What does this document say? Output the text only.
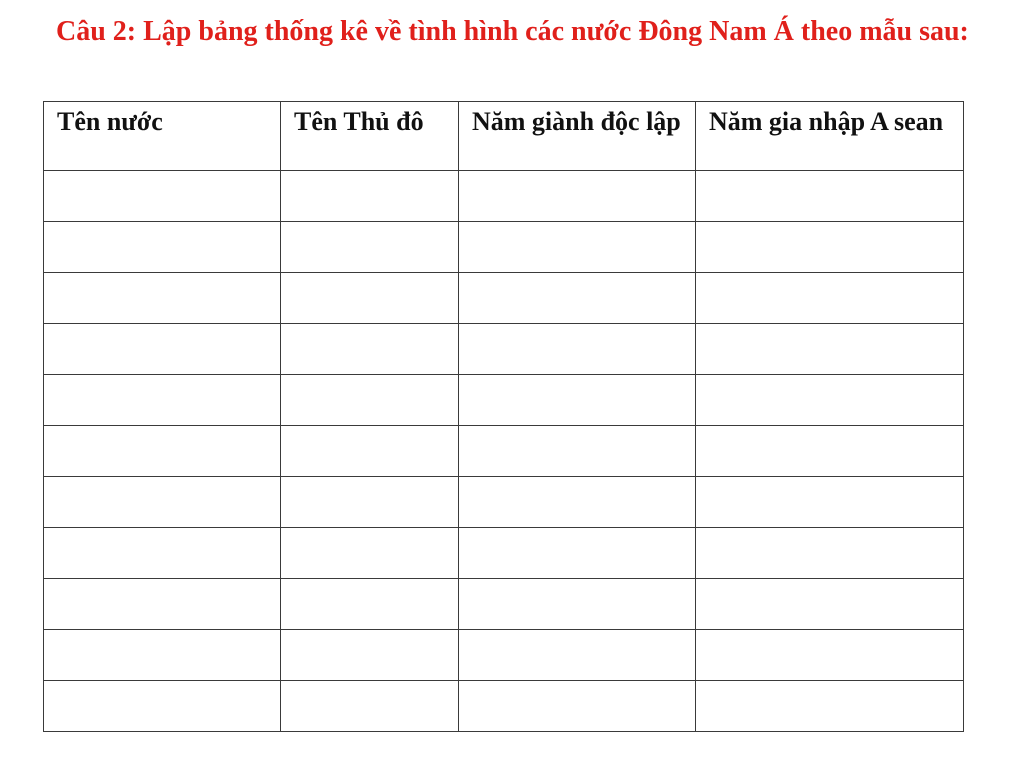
Câu 2: Lập bảng thống kê về tình hình các nước Đông Nam Á theo mẫu sau:

Tên nước	Tên Thủ đô	Năm giành độc lập	Năm gia nhập A sean
